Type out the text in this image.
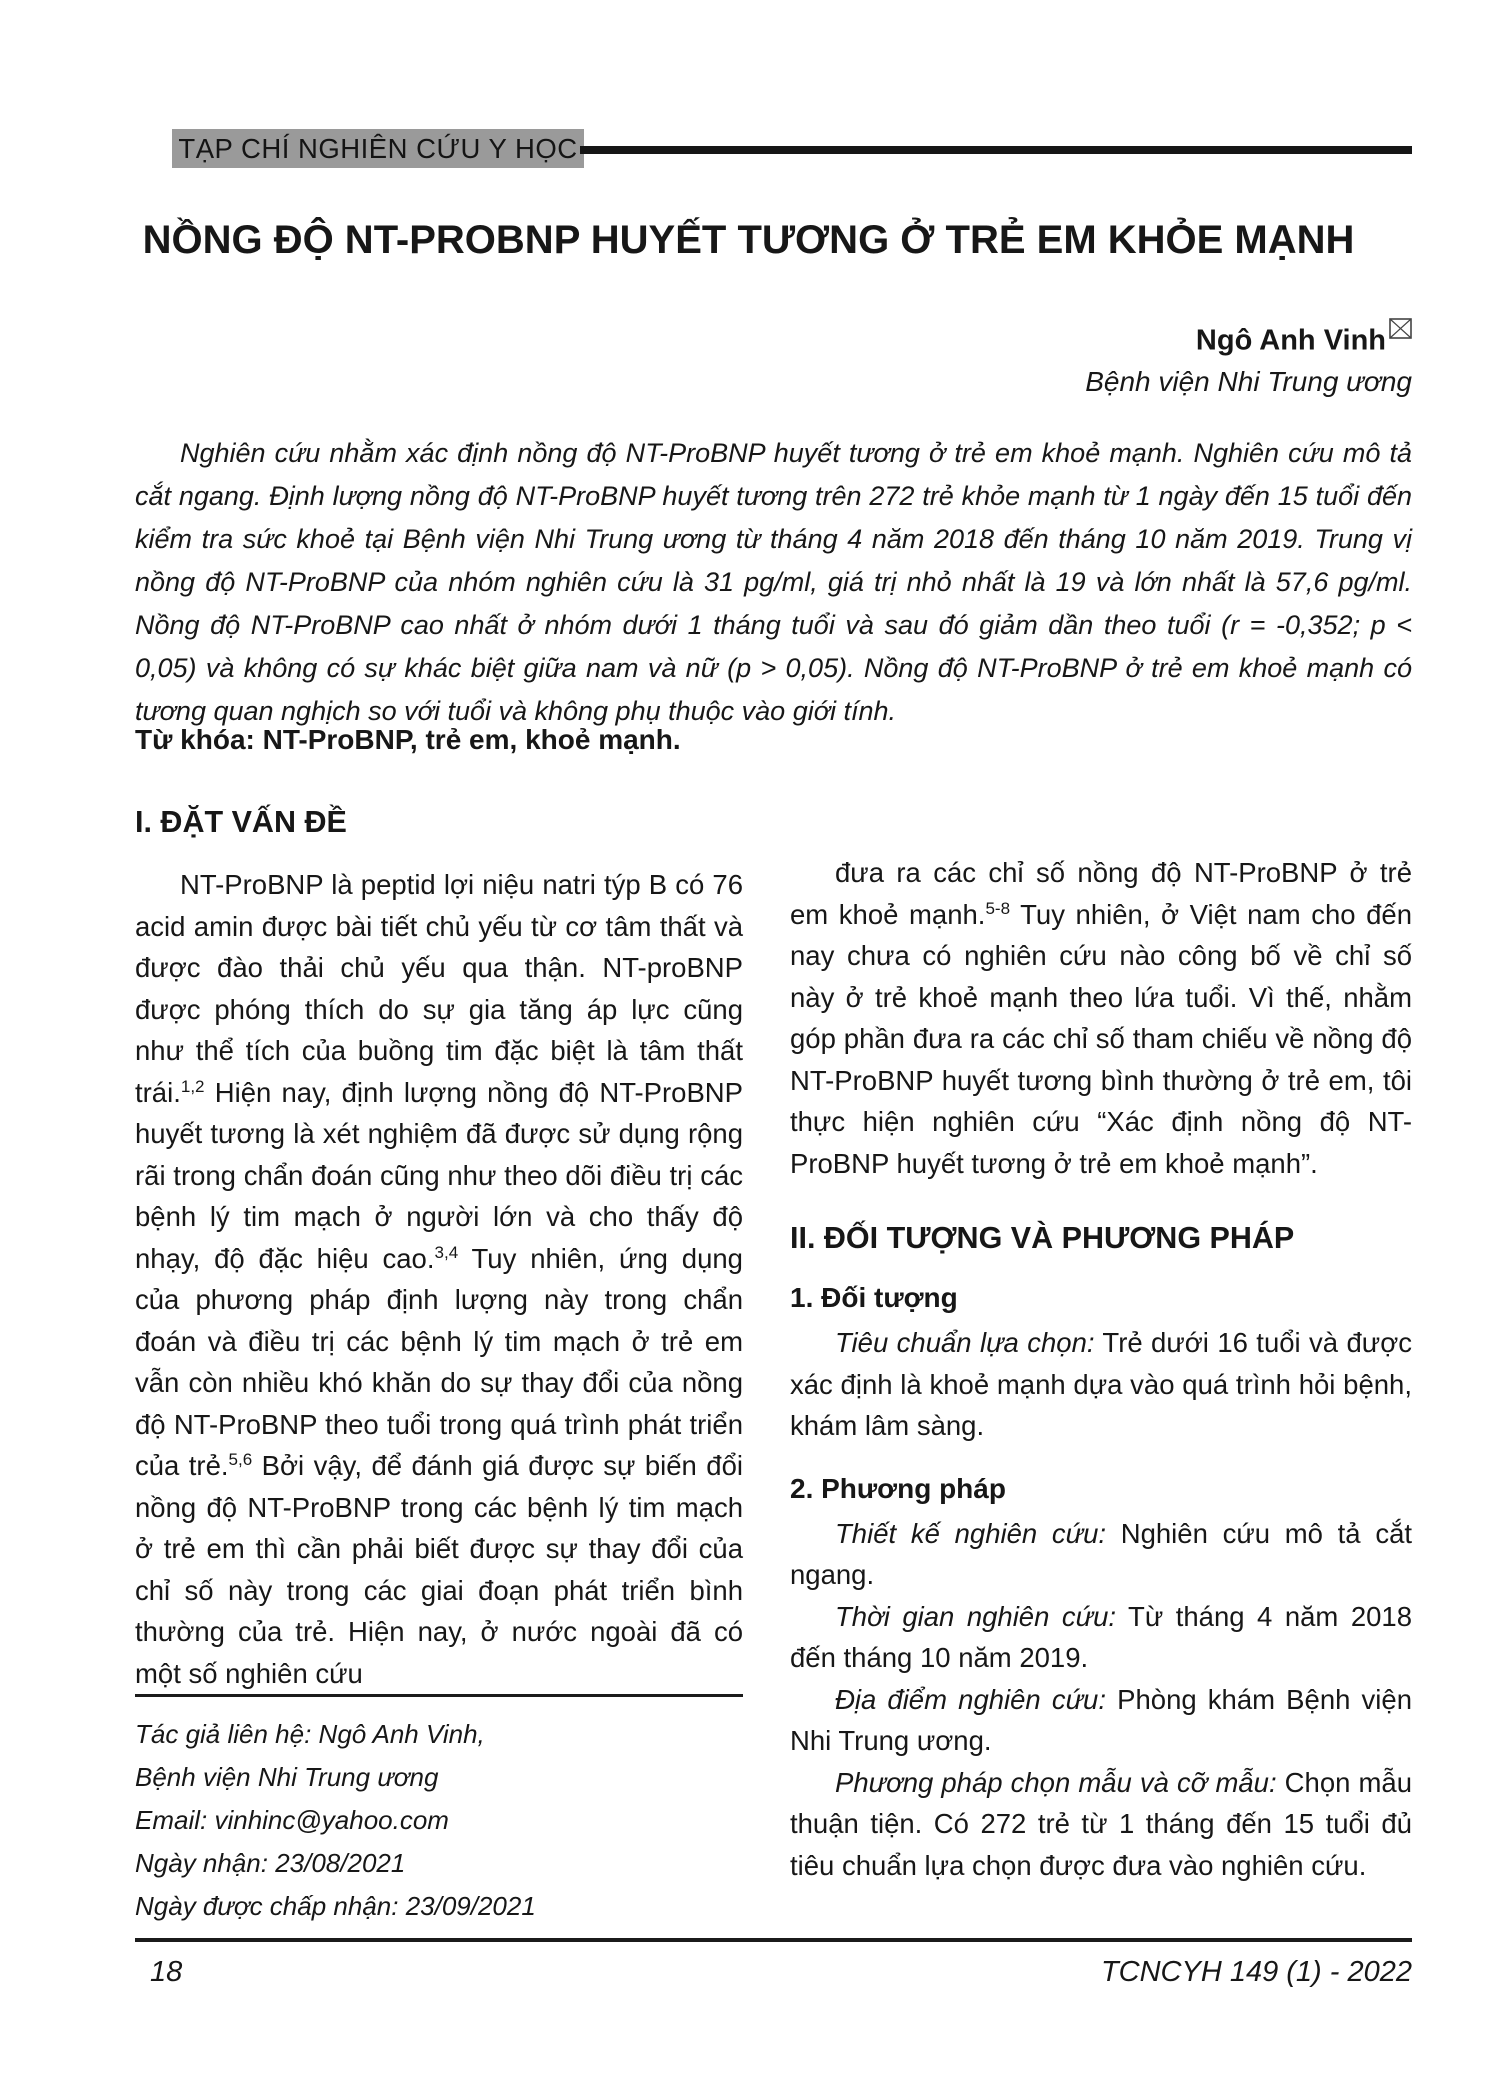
TẠP CHÍ NGHIÊN CỨU Y HỌC
NỒNG ĐỘ NT-PROBNP HUYẾT TƯƠNG Ở TRẺ EM KHỎE MẠNH
Ngô Anh Vinh
Bệnh viện Nhi Trung ương

Nghiên cứu nhằm xác định nồng độ NT-ProBNP huyết tương ở trẻ em khoẻ mạnh. Nghiên cứu mô tả cắt ngang. Định lượng nồng độ NT-ProBNP huyết tương trên 272 trẻ khỏe mạnh từ 1 ngày đến 15 tuổi đến kiểm tra sức khoẻ tại Bệnh viện Nhi Trung ương từ tháng 4 năm 2018 đến tháng 10 năm 2019. Trung vị nồng độ NT-ProBNP của nhóm nghiên cứu là 31 pg/ml, giá trị nhỏ nhất là 19 và lớn nhất là 57,6 pg/ml. Nồng độ NT-ProBNP cao nhất ở nhóm dưới 1 tháng tuổi và sau đó giảm dần theo tuổi (r = -0,352; p < 0,05) và không có sự khác biệt giữa nam và nữ (p > 0,05). Nồng độ NT-ProBNP ở trẻ em khoẻ mạnh có tương quan nghịch so với tuổi và không phụ thuộc vào giới tính.

Từ khóa: NT-ProBNP, trẻ em, khoẻ mạnh.

I. ĐẶT VẤN ĐỀ

NT-ProBNP là peptid lợi niệu natri týp B có 76 acid amin được bài tiết chủ yếu từ cơ tâm thất và được đào thải chủ yếu qua thận. NT-proBNP được phóng thích do sự gia tăng áp lực cũng như thể tích của buồng tim đặc biệt là tâm thất trái.$^{1,2}$ Hiện nay, định lượng nồng độ NT-ProBNP huyết tương là xét nghiệm đã được sử dụng rộng rãi trong chẩn đoán cũng như theo dõi điều trị các bệnh lý tim mạch ở người lớn và cho thấy độ nhạy, độ đặc hiệu cao.$^{3,4}$ Tuy nhiên, ứng dụng của phương pháp định lượng này trong chẩn đoán và điều trị các bệnh lý tim mạch ở trẻ em vẫn còn nhiều khó khăn do sự thay đổi của nồng độ NT-ProBNP theo tuổi trong quá trình phát triển của trẻ.$^{5,6}$ Bởi vậy, để đánh giá được sự biến đổi nồng độ NT-ProBNP trong các bệnh lý tim mạch ở trẻ em thì cần phải biết được sự thay đổi của chỉ số này trong các giai đoạn phát triển bình thường của trẻ. Hiện nay, ở nước ngoài đã có một số nghiên cứu

Tác giả liên hệ: Ngô Anh Vinh,
Bệnh viện Nhi Trung ương
Email: vinhinc@yahoo.com
Ngày nhận: 23/08/2021
Ngày được chấp nhận: 23/09/2021

đưa ra các chỉ số nồng độ NT-ProBNP ở trẻ em khoẻ mạnh.$^{5-8}$ Tuy nhiên, ở Việt nam cho đến nay chưa có nghiên cứu nào công bố về chỉ số này ở trẻ khoẻ mạnh theo lứa tuổi. Vì thế, nhằm góp phần đưa ra các chỉ số tham chiếu về nồng độ NT-ProBNP huyết tương bình thường ở trẻ em, tôi thực hiện nghiên cứu “Xác định nồng độ NT-ProBNP huyết tương ở trẻ em khoẻ mạnh”.

II. ĐỐI TƯỢNG VÀ PHƯƠNG PHÁP
1. Đối tượng

Tiêu chuẩn lựa chọn: Trẻ dưới 16 tuổi và được xác định là khoẻ mạnh dựa vào quá trình hỏi bệnh, khám lâm sàng.

2. Phương pháp

Thiết kế nghiên cứu: Nghiên cứu mô tả cắt ngang.

Thời gian nghiên cứu: Từ tháng 4 năm 2018 đến tháng 10 năm 2019.

Địa điểm nghiên cứu: Phòng khám Bệnh viện Nhi Trung ương.

Phương pháp chọn mẫu và cỡ mẫu: Chọn mẫu thuận tiện. Có 272 trẻ từ 1 tháng đến 15 tuổi đủ tiêu chuẩn lựa chọn được đưa vào nghiên cứu.

18	TCNCYH 149 (1) - 2022
